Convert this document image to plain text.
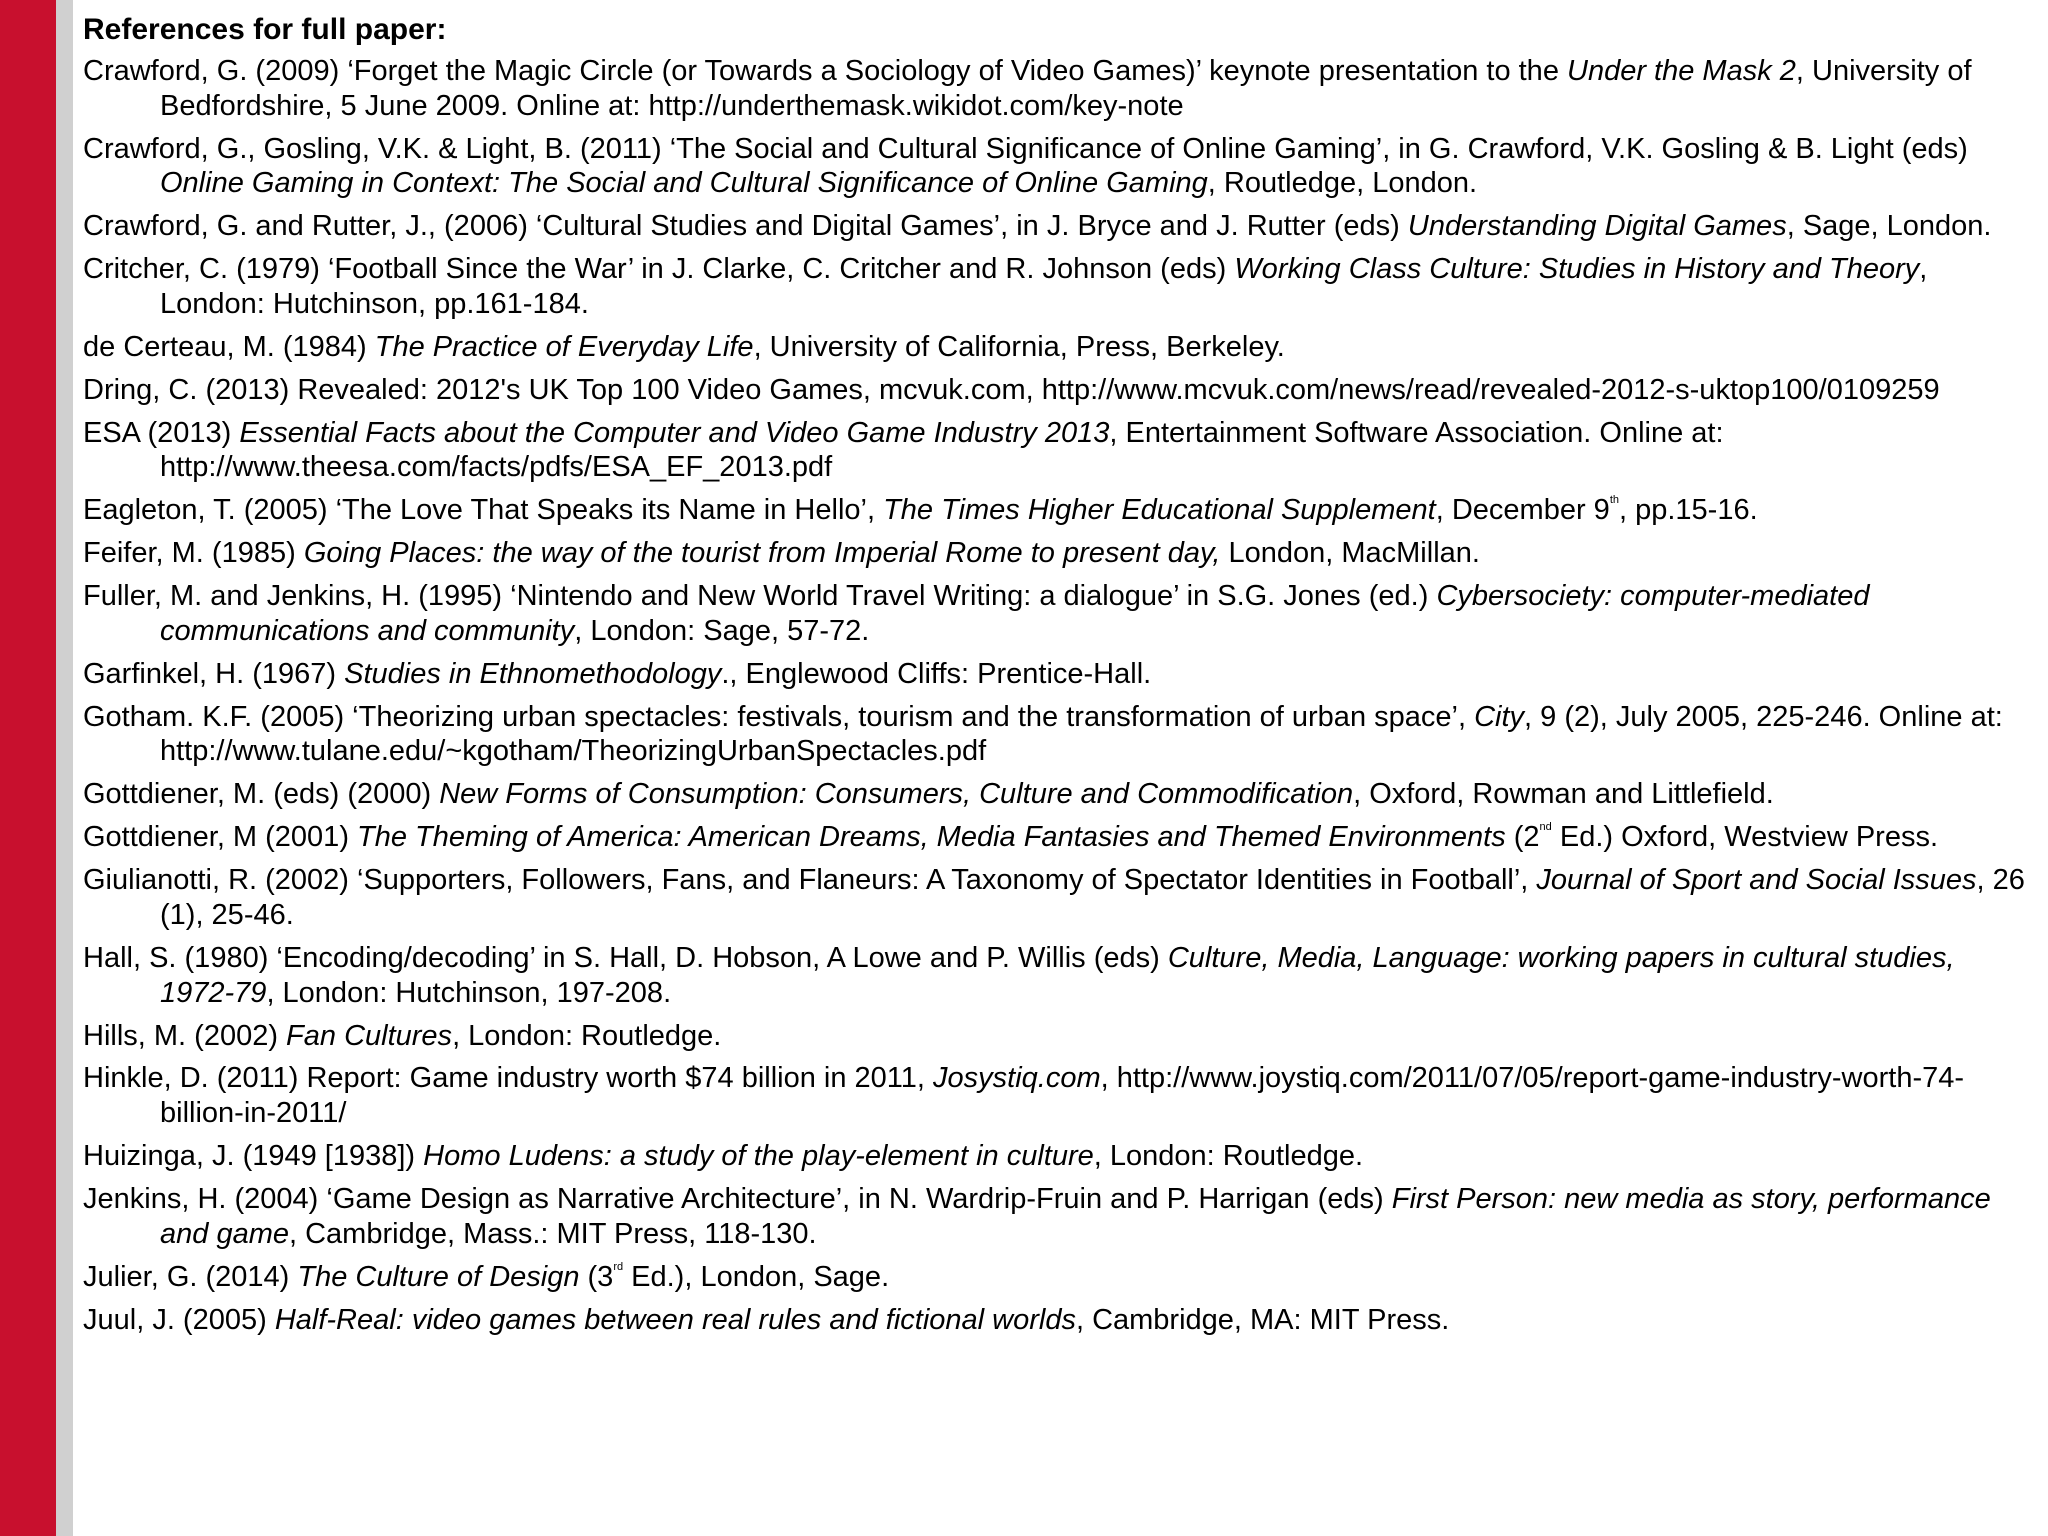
References for full paper:
Crawford, G. (2009) ‘Forget the Magic Circle (or Towards a Sociology of Video Games)’ keynote presentation to the Under the Mask 2, University of Bedfordshire, 5 June 2009. Online at: http://underthemask.wikidot.com/key-note
Crawford, G., Gosling, V.K. & Light, B. (2011) ‘The Social and Cultural Significance of Online Gaming’, in G. Crawford, V.K. Gosling & B. Light (eds) Online Gaming in Context: The Social and Cultural Significance of Online Gaming, Routledge, London.
Crawford, G. and Rutter, J., (2006) ‘Cultural Studies and Digital Games’, in J. Bryce and J. Rutter (eds) Understanding Digital Games, Sage, London.
Critcher, C. (1979) ‘Football Since the War’ in J. Clarke, C. Critcher and R. Johnson (eds) Working Class Culture: Studies in History and Theory, London: Hutchinson, pp.161-184.
de Certeau, M. (1984) The Practice of Everyday Life, University of California, Press, Berkeley.
Dring, C. (2013) Revealed: 2012's UK Top 100 Video Games, mcvuk.com, http://www.mcvuk.com/news/read/revealed-2012-s-uktop100/0109259
ESA (2013) Essential Facts about the Computer and Video Game Industry 2013, Entertainment Software Association. Online at: http://www.theesa.com/facts/pdfs/ESA_EF_2013.pdf
Eagleton, T. (2005) ‘The Love That Speaks its Name in Hello’, The Times Higher Educational Supplement, December 9th, pp.15-16.
Feifer, M. (1985) Going Places: the way of the tourist from Imperial Rome to present day, London, MacMillan.
Fuller, M. and Jenkins, H. (1995) ‘Nintendo and New World Travel Writing: a dialogue’ in S.G. Jones (ed.) Cybersociety: computer-mediated communications and community, London: Sage, 57-72.
Garfinkel, H. (1967) Studies in Ethnomethodology., Englewood Cliffs: Prentice-Hall.
Gotham. K.F. (2005) ‘Theorizing urban spectacles: festivals, tourism and the transformation of urban space’, City, 9 (2), July 2005, 225-246. Online at: http://www.tulane.edu/~kgotham/TheorizingUrbanSpectacles.pdf
Gottdiener, M. (eds) (2000) New Forms of Consumption: Consumers, Culture and Commodification, Oxford, Rowman and Littlefield.
Gottdiener, M (2001) The Theming of America: American Dreams, Media Fantasies and Themed Environments (2nd Ed.) Oxford, Westview Press.
Giulianotti, R. (2002) ‘Supporters, Followers, Fans, and Flaneurs: A Taxonomy of Spectator Identities in Football’, Journal of Sport and Social Issues, 26 (1), 25-46.
Hall, S. (1980) ‘Encoding/decoding’ in S. Hall, D. Hobson, A Lowe and P. Willis (eds) Culture, Media, Language: working papers in cultural studies, 1972-79, London: Hutchinson, 197-208.
Hills, M. (2002) Fan Cultures, London: Routledge.
Hinkle, D. (2011) Report: Game industry worth $74 billion in 2011, Josystiq.com, http://www.joystiq.com/2011/07/05/report-game-industry-worth-74-billion-in-2011/
Huizinga, J. (1949 [1938]) Homo Ludens: a study of the play-element in culture, London: Routledge.
Jenkins, H. (2004) ‘Game Design as Narrative Architecture’, in N. Wardrip-Fruin and P. Harrigan (eds) First Person: new media as story, performance and game, Cambridge, Mass.: MIT Press, 118-130.
Julier, G. (2014) The Culture of Design (3rd Ed.), London, Sage.
Juul, J. (2005) Half-Real: video games between real rules and fictional worlds, Cambridge, MA: MIT Press.
